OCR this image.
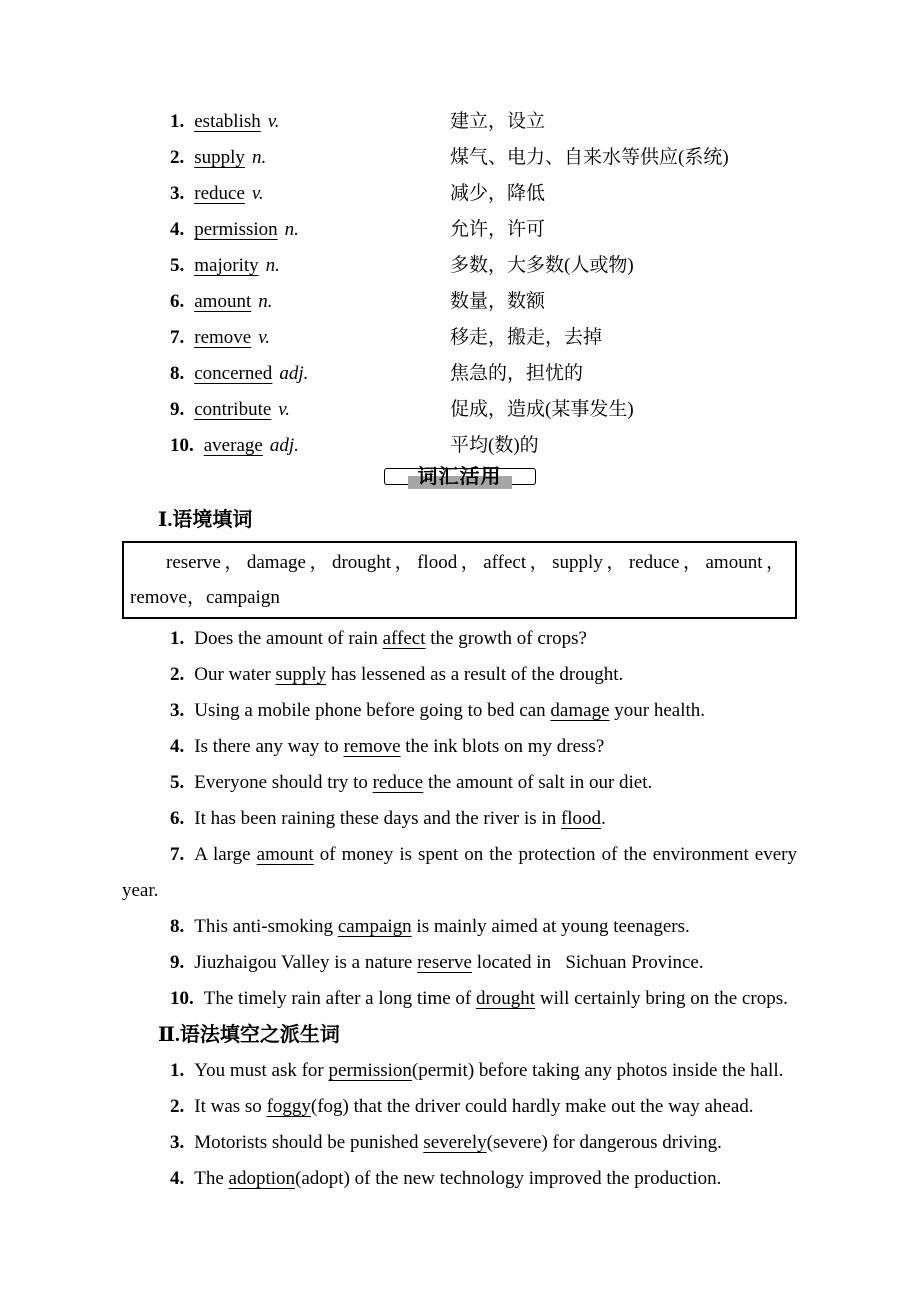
1. establish v.	建立，设立
2. supply n.	煤气、电力、自来水等供应(系统)
3. reduce v.	减少，降低
4. permission n.	允许，许可
5. majority n.	多数，大多数(人或物)
6. amount n.	数量，数额
7. remove v.	移走，搬走，去掉
8. concerned adj.	焦急的，担忧的
9. contribute v.	促成，造成(某事发生)
10. average adj.	平均(数)的
词汇活用
Ⅰ.语境填词
reserve，damage，drought，flood，affect，supply，reduce，amount，remove，campaign

1. Does the amount of rain affect the growth of crops?

2. Our water supply has lessened as a result of the drought.

3. Using a mobile phone before going to bed can damage your health.

4. Is there any way to remove the ink blots on my dress?

5. Everyone should try to reduce the amount of salt in our diet.

6. It has been raining these days and the river is in flood.

7. A large amount of money is spent on the protection of the environment every year.

8. This anti-smoking campaign is mainly aimed at young teenagers.

9. Jiuzhaigou Valley is a nature reserve located in   Sichuan Province.

10. The timely rain after a long time of drought will certainly bring on the crops.

Ⅱ.语法填空之派生词

1. You must ask for permission(permit) before taking any photos inside the hall.

2. It was so foggy(fog) that the driver could hardly make out the way ahead.

3. Motorists should be punished severely(severe) for dangerous driving.

4. The adoption(adopt) of the new technology improved the production.
